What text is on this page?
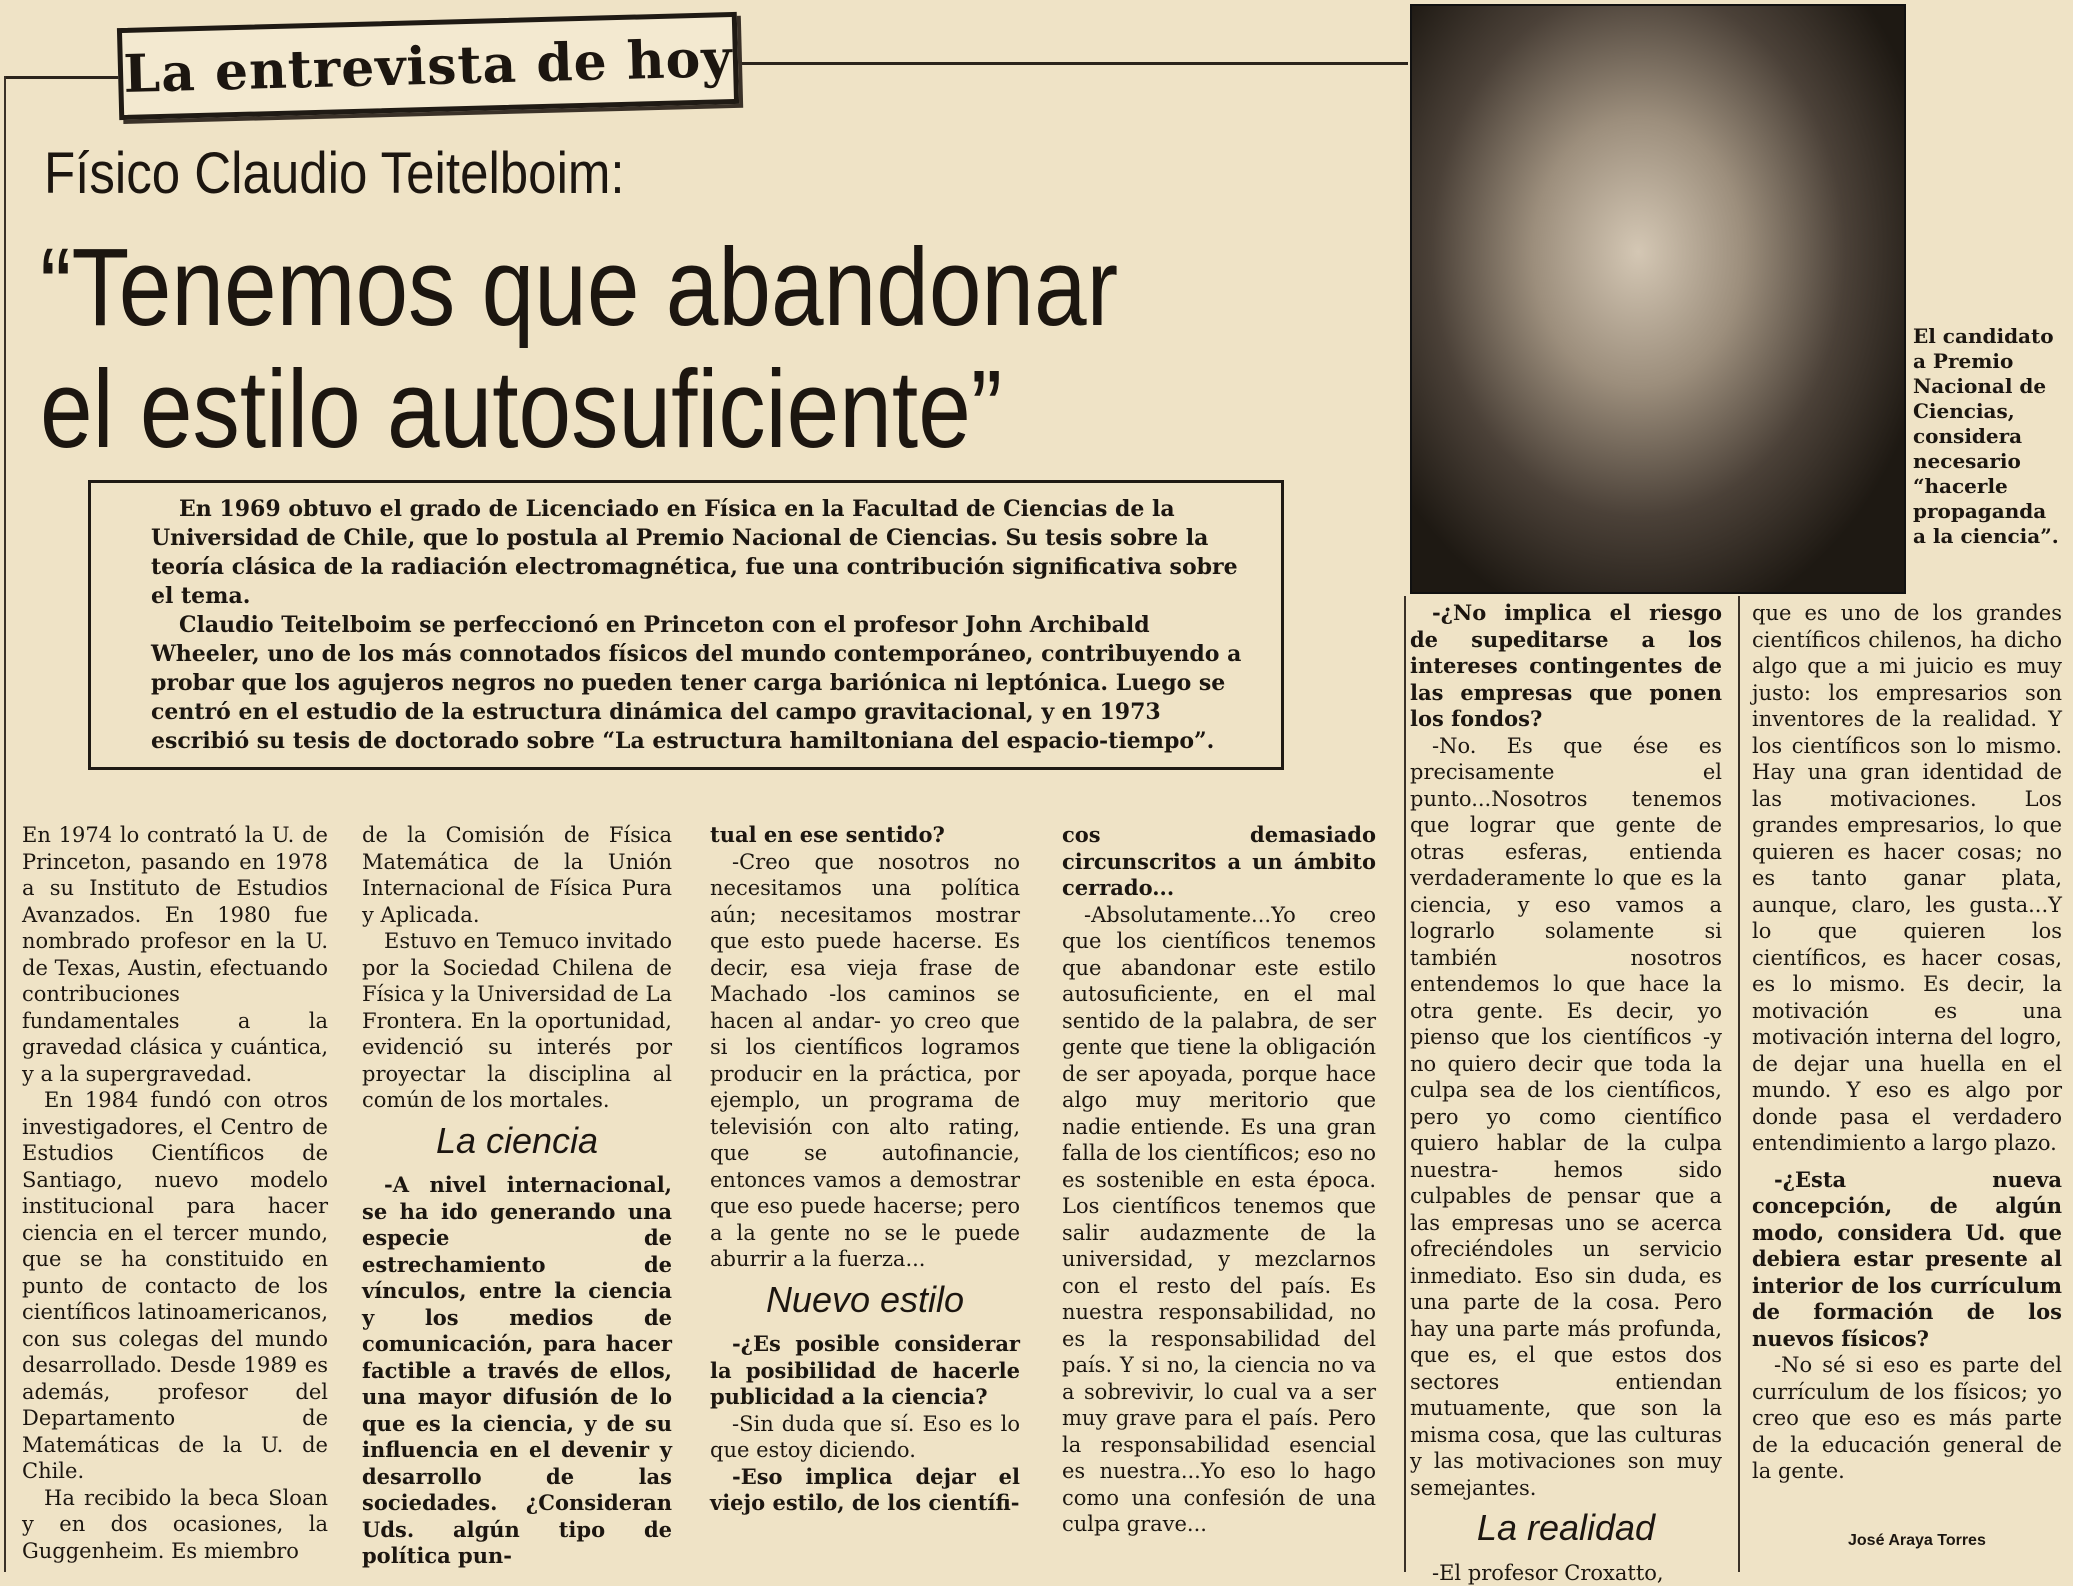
La entrevista de hoy
Físico Claudio Teitelboim:
“Tenemos que abandonar
el estilo autosuficiente”

En 1969 obtuvo el grado de Licenciado en Física en la Facultad de Ciencias de la Universidad de Chile, que lo postula al Premio Nacional de Ciencias. Su tesis sobre la teoría clásica de la radiación electromagnética, fue una contribución significativa sobre el tema.

Claudio Teitelboim se perfeccionó en Princeton con el profesor John Archibald Wheeler, uno de los más connotados físicos del mundo contemporáneo, contribuyendo a probar que los agujeros negros no pueden tener carga bariónica ni leptónica. Luego se centró en el estudio de la estructura dinámica del campo gravitacional, y en 1973 escribió su tesis de doctorado sobre “La estructura hamiltoniana del espacio-tiempo”.

El candidato a Premio Nacional de Ciencias, considera necesario “hacerle propaganda a la ciencia”.

En 1974 lo contrató la U. de Princeton, pasando en 1978 a su Instituto de Estudios Avanzados. En 1980 fue nombrado profesor en la U. de Texas, Austin, efectuando contribuciones fundamentales a la gravedad clásica y cuántica, y a la supergravedad.

En 1984 fundó con otros investigadores, el Centro de Estudios Científicos de Santiago, nuevo modelo institucional para hacer ciencia en el tercer mundo, que se ha constituido en punto de contacto de los científicos latinoamericanos, con sus colegas del mundo desarrollado. Desde 1989 es además, profesor del Departamento de Matemáticas de la U. de Chile.

Ha recibido la beca Sloan y en dos ocasiones, la Guggenheim. Es miembro

de la Comisión de Física Matemática de la Unión Internacional de Física Pura y Aplicada.

Estuvo en Temuco invitado por la Sociedad Chilena de Física y la Universidad de La Frontera. En la oportunidad, evidenció su interés por proyectar la disciplina al común de los mortales.

La ciencia

-A nivel internacional, se ha ido generando una especie de estrechamiento de vínculos, entre la ciencia y los medios de comunicación, para hacer factible a través de ellos, una mayor difusión de lo que es la ciencia, y de su influencia en el devenir y desarrollo de las sociedades. ¿Consideran Uds. algún tipo de política pun-

tual en ese sentido?

-Creo que nosotros no necesitamos una política aún; necesitamos mostrar que esto puede hacerse. Es decir, esa vieja frase de Machado -los caminos se hacen al andar- yo creo que si los científicos logramos producir en la práctica, por ejemplo, un programa de televisión con alto rating, que se autofinancie, entonces vamos a demostrar que eso puede hacerse; pero a la gente no se le puede aburrir a la fuerza...

Nuevo estilo

-¿Es posible considerar la posibilidad de hacerle publicidad a la ciencia?

-Sin duda que sí. Eso es lo que estoy diciendo.

-Eso implica dejar el viejo estilo, de los científi-

cos demasiado circunscritos a un ámbito cerrado...

-Absolutamente...Yo creo que los científicos tenemos que abandonar este estilo autosuficiente, en el mal sentido de la palabra, de ser gente que tiene la obligación de ser apoyada, porque hace algo muy meritorio que nadie entiende. Es una gran falla de los científicos; eso no es sostenible en esta época. Los científicos tenemos que salir audazmente de la universidad, y mezclarnos con el resto del país. Es nuestra responsabilidad, no es la responsabilidad del país. Y si no, la ciencia no va a sobrevivir, lo cual va a ser muy grave para el país. Pero la responsabilidad esencial es nuestra...Yo eso lo hago como una confesión de una culpa grave...

-¿No implica el riesgo de supeditarse a los intereses contingentes de las empresas que ponen los fondos?

-No. Es que ése es precisamente el punto...Nosotros tenemos que lograr que gente de otras esferas, entienda verdaderamente lo que es la ciencia, y eso vamos a lograrlo solamente si también nosotros entendemos lo que hace la otra gente. Es decir, yo pienso que los científicos -y no quiero decir que toda la culpa sea de los científicos, pero yo como científico quiero hablar de la culpa nuestra- hemos sido culpables de pensar que a las empresas uno se acerca ofreciéndoles un servicio inmediato. Eso sin duda, es una parte de la cosa. Pero hay una parte más profunda, que es, el que estos dos sectores entiendan mutuamente, que son la misma cosa, que las culturas y las motivaciones son muy semejantes.

La realidad

-El profesor Croxatto,

que es uno de los grandes científicos chilenos, ha dicho algo que a mi juicio es muy justo: los empresarios son inventores de la realidad. Y los científicos son lo mismo. Hay una gran identidad de las motivaciones. Los grandes empresarios, lo que quieren es hacer cosas; no es tanto ganar plata, aunque, claro, les gusta...Y lo que quieren los científicos, es hacer cosas, es lo mismo. Es decir, la motivación es una motivación interna del logro, de dejar una huella en el mundo. Y eso es algo por donde pasa el verdadero entendimiento a largo plazo.

-¿Esta nueva concepción, de algún modo, considera Ud. que debiera estar presente al interior de los currículum de formación de los nuevos físicos?

-No sé si eso es parte del currículum de los físicos; yo creo que eso es más parte de la educación general de la gente.

José Araya Torres
